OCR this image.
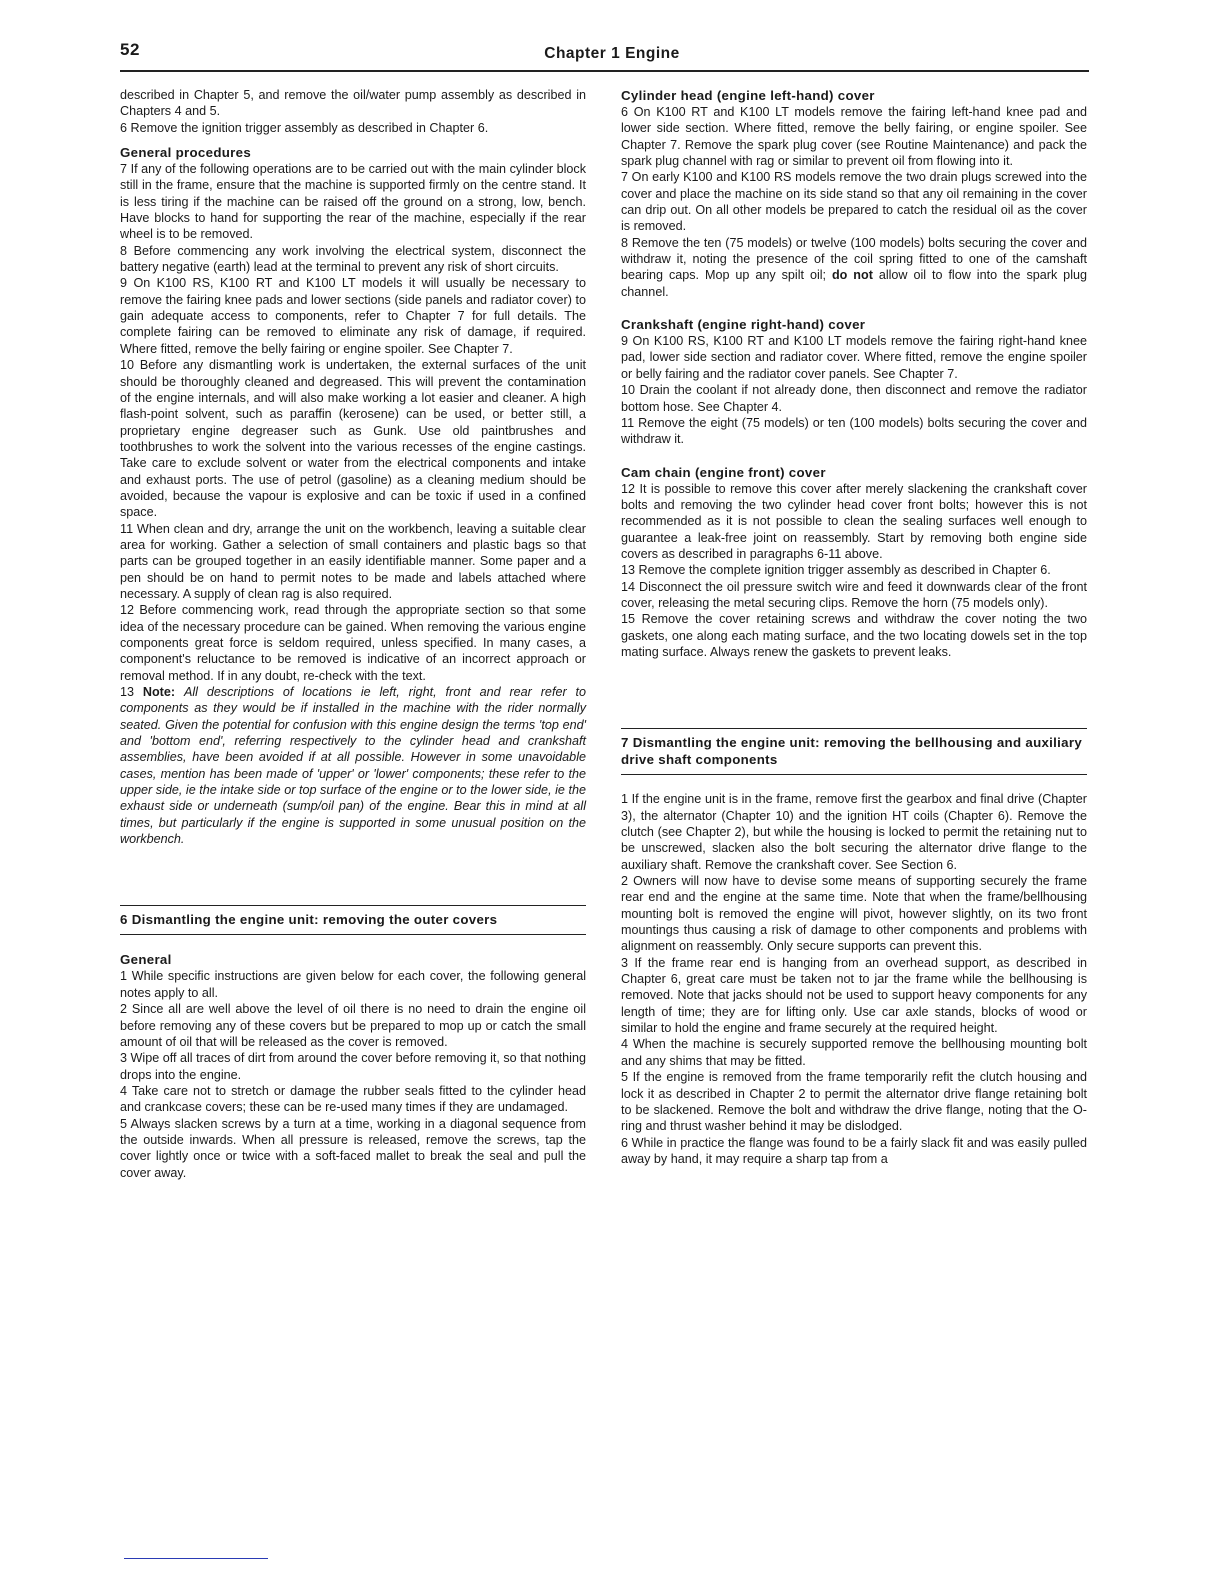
52	Chapter 1 Engine

described in Chapter 5, and remove the oil/water pump assembly as described in Chapters 4 and 5.

6 Remove the ignition trigger assembly as described in Chapter 6.

General procedures

7 If any of the following operations are to be carried out with the main cylinder block still in the frame, ensure that the machine is supported firmly on the centre stand. It is less tiring if the machine can be raised off the ground on a strong, low, bench. Have blocks to hand for supporting the rear of the machine, especially if the rear wheel is to be removed.

8 Before commencing any work involving the electrical system, disconnect the battery negative (earth) lead at the terminal to prevent any risk of short circuits.

9 On K100 RS, K100 RT and K100 LT models it will usually be necessary to remove the fairing knee pads and lower sections (side panels and radiator cover) to gain adequate access to components, refer to Chapter 7 for full details. The complete fairing can be removed to eliminate any risk of damage, if required. Where fitted, remove the belly fairing or engine spoiler. See Chapter 7.

10 Before any dismantling work is undertaken, the external surfaces of the unit should be thoroughly cleaned and degreased. This will prevent the contamination of the engine internals, and will also make working a lot easier and cleaner. A high flash-point solvent, such as paraffin (kerosene) can be used, or better still, a proprietary engine degreaser such as Gunk. Use old paintbrushes and toothbrushes to work the solvent into the various recesses of the engine castings. Take care to exclude solvent or water from the electrical components and intake and exhaust ports. The use of petrol (gasoline) as a cleaning medium should be avoided, because the vapour is explosive and can be toxic if used in a confined space.

11 When clean and dry, arrange the unit on the workbench, leaving a suitable clear area for working. Gather a selection of small containers and plastic bags so that parts can be grouped together in an easily identifiable manner. Some paper and a pen should be on hand to permit notes to be made and labels attached where necessary. A supply of clean rag is also required.

12 Before commencing work, read through the appropriate section so that some idea of the necessary procedure can be gained. When removing the various engine components great force is seldom required, unless specified. In many cases, a component's reluctance to be removed is indicative of an incorrect approach or removal method. If in any doubt, re-check with the text.

13 Note: All descriptions of locations ie left, right, front and rear refer to components as they would be if installed in the machine with the rider normally seated. Given the potential for confusion with this engine design the terms 'top end' and 'bottom end', referring respectively to the cylinder head and crankshaft assemblies, have been avoided if at all possible. However in some unavoidable cases, mention has been made of 'upper' or 'lower' components; these refer to the upper side, ie the intake side or top surface of the engine or to the lower side, ie the exhaust side or underneath (sump/oil pan) of the engine. Bear this in mind at all times, but particularly if the engine is supported in some unusual position on the workbench.

6 Dismantling the engine unit: removing the outer covers
General

1 While specific instructions are given below for each cover, the following general notes apply to all.

2 Since all are well above the level of oil there is no need to drain the engine oil before removing any of these covers but be prepared to mop up or catch the small amount of oil that will be released as the cover is removed.

3 Wipe off all traces of dirt from around the cover before removing it, so that nothing drops into the engine.

4 Take care not to stretch or damage the rubber seals fitted to the cylinder head and crankcase covers; these can be re-used many times if they are undamaged.

5 Always slacken screws by a turn at a time, working in a diagonal sequence from the outside inwards. When all pressure is released, remove the screws, tap the cover lightly once or twice with a soft-faced mallet to break the seal and pull the cover away.

Cylinder head (engine left-hand) cover

6 On K100 RT and K100 LT models remove the fairing left-hand knee pad and lower side section. Where fitted, remove the belly fairing, or engine spoiler. See Chapter 7. Remove the spark plug cover (see Routine Maintenance) and pack the spark plug channel with rag or similar to prevent oil from flowing into it.

7 On early K100 and K100 RS models remove the two drain plugs screwed into the cover and place the machine on its side stand so that any oil remaining in the cover can drip out. On all other models be prepared to catch the residual oil as the cover is removed.

8 Remove the ten (75 models) or twelve (100 models) bolts securing the cover and withdraw it, noting the presence of the coil spring fitted to one of the camshaft bearing caps. Mop up any spilt oil; do not allow oil to flow into the spark plug channel.

Crankshaft (engine right-hand) cover

9 On K100 RS, K100 RT and K100 LT models remove the fairing right-hand knee pad, lower side section and radiator cover. Where fitted, remove the engine spoiler or belly fairing and the radiator cover panels. See Chapter 7.

10 Drain the coolant if not already done, then disconnect and remove the radiator bottom hose. See Chapter 4.

11 Remove the eight (75 models) or ten (100 models) bolts securing the cover and withdraw it.

Cam chain (engine front) cover

12 It is possible to remove this cover after merely slackening the crankshaft cover bolts and removing the two cylinder head cover front bolts; however this is not recommended as it is not possible to clean the sealing surfaces well enough to guarantee a leak-free joint on reassembly. Start by removing both engine side covers as described in paragraphs 6-11 above.

13 Remove the complete ignition trigger assembly as described in Chapter 6.

14 Disconnect the oil pressure switch wire and feed it downwards clear of the front cover, releasing the metal securing clips. Remove the horn (75 models only).

15 Remove the cover retaining screws and withdraw the cover noting the two gaskets, one along each mating surface, and the two locating dowels set in the top mating surface. Always renew the gaskets to prevent leaks.

7 Dismantling the engine unit: removing the bellhousing and auxiliary drive shaft components

1 If the engine unit is in the frame, remove first the gearbox and final drive (Chapter 3), the alternator (Chapter 10) and the ignition HT coils (Chapter 6). Remove the clutch (see Chapter 2), but while the housing is locked to permit the retaining nut to be unscrewed, slacken also the bolt securing the alternator drive flange to the auxiliary shaft. Remove the crankshaft cover. See Section 6.

2 Owners will now have to devise some means of supporting securely the frame rear end and the engine at the same time. Note that when the frame/bellhousing mounting bolt is removed the engine will pivot, however slightly, on its two front mountings thus causing a risk of damage to other components and problems with alignment on reassembly. Only secure supports can prevent this.

3 If the frame rear end is hanging from an overhead support, as described in Chapter 6, great care must be taken not to jar the frame while the bellhousing is removed. Note that jacks should not be used to support heavy components for any length of time; they are for lifting only. Use car axle stands, blocks of wood or similar to hold the engine and frame securely at the required height.

4 When the machine is securely supported remove the bellhousing mounting bolt and any shims that may be fitted.

5 If the engine is removed from the frame temporarily refit the clutch housing and lock it as described in Chapter 2 to permit the alternator drive flange retaining bolt to be slackened. Remove the bolt and withdraw the drive flange, noting that the O-ring and thrust washer behind it may be dislodged.

6 While in practice the flange was found to be a fairly slack fit and was easily pulled away by hand, it may require a sharp tap from a
